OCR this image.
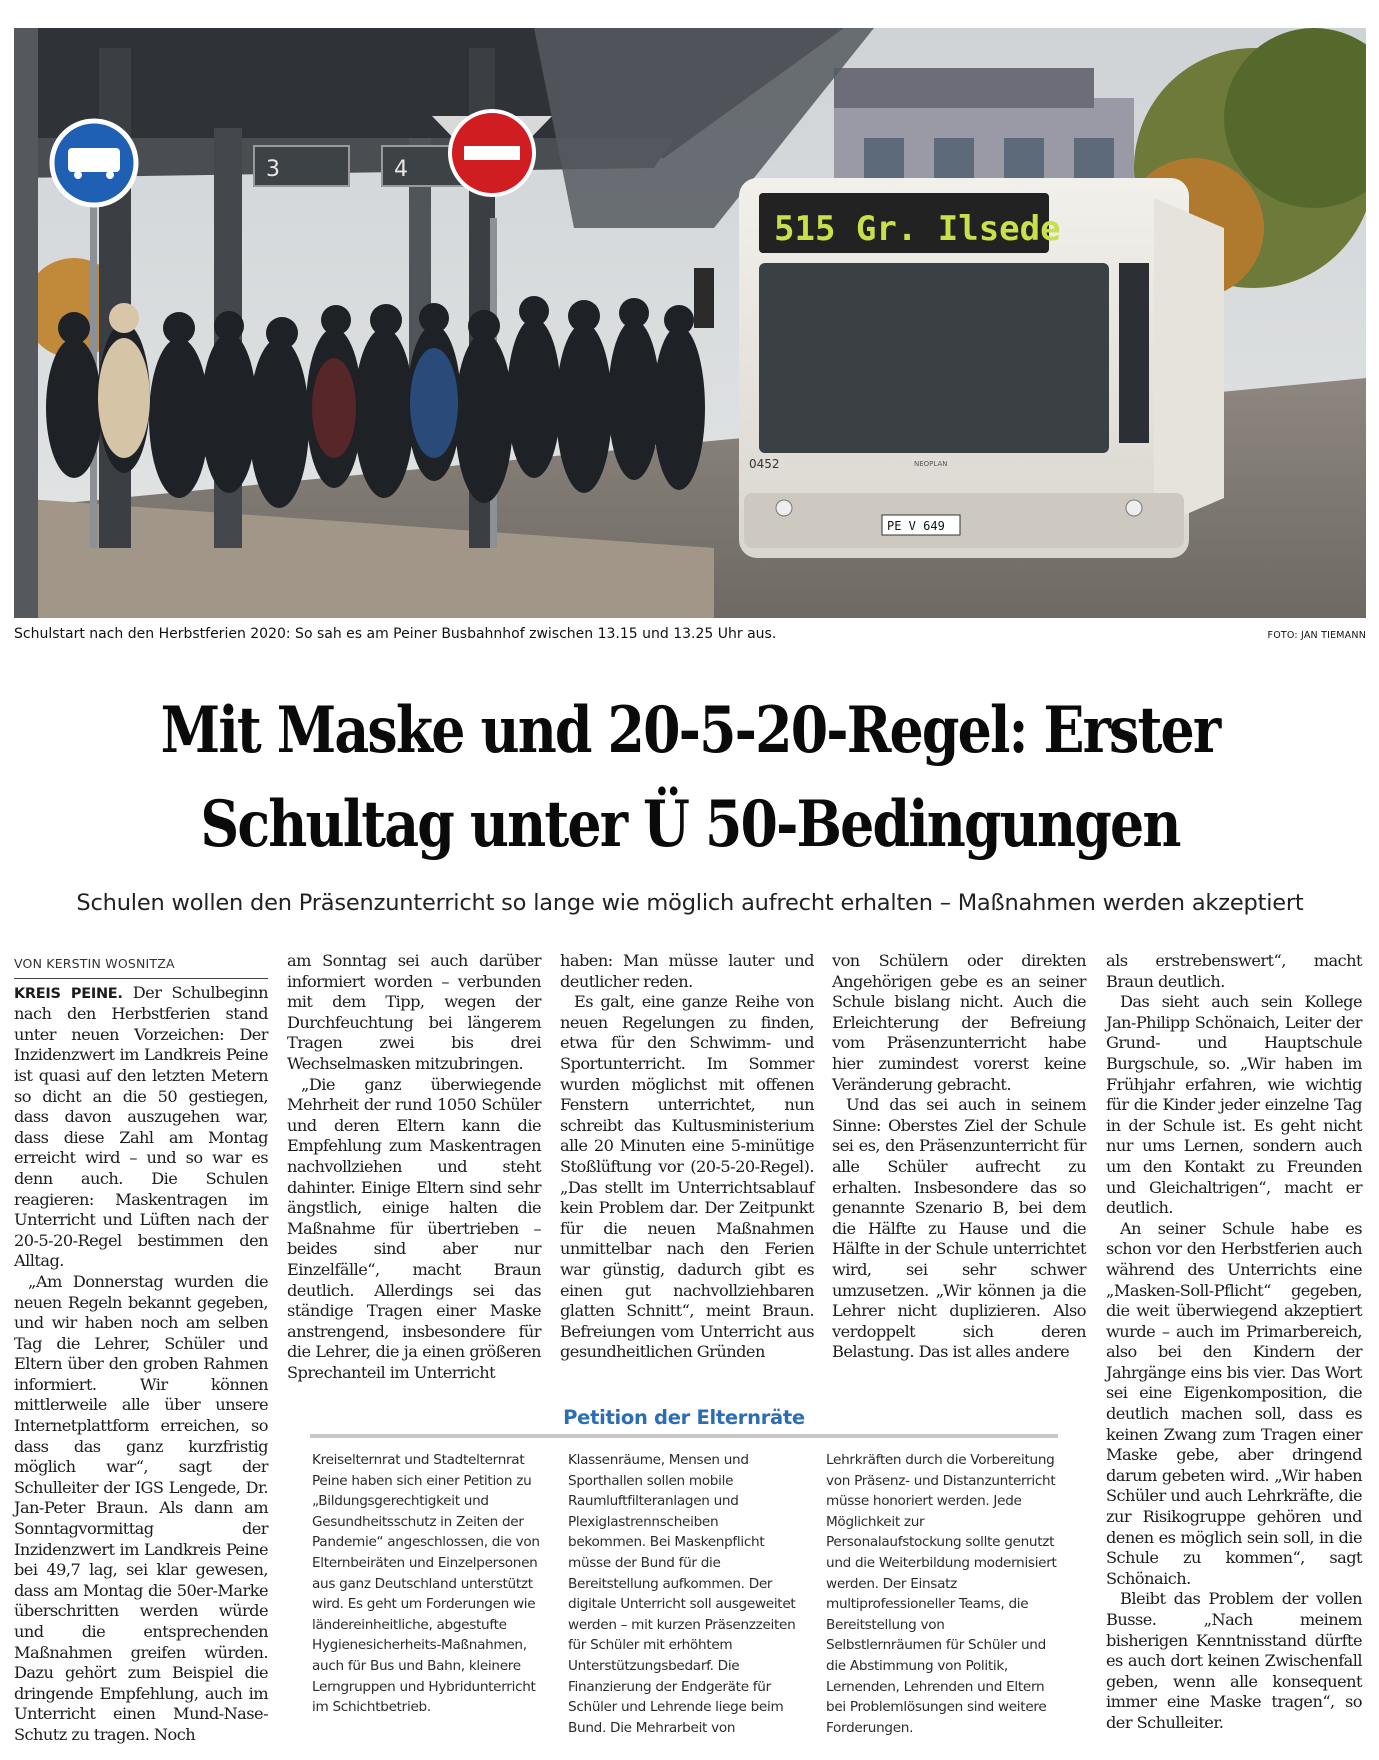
3	4
515 Gr. Ilsede
NEOPLAN
0452
PE V 649
Schulstart nach den Herbstferien 2020: So sah es am Peiner Busbahnhof zwischen 13.15 und 13.25 Uhr aus.	FOTO: JAN TIEMANN
Mit Maske und 20-5-20-Regel: Erster
Schultag unter Ü 50-Bedingungen
Schulen wollen den Präsenzunterricht so lange wie möglich aufrecht erhalten – Maßnahmen werden akzeptiert
VON KERSTIN WOSNITZA

KREIS PEINE. Der Schulbeginn nach den Herbstferien stand unter neuen Vorzeichen: Der Inzidenzwert im Landkreis Peine ist quasi auf den letzten Metern so dicht an die 50 gestiegen, dass davon auszugehen war, dass diese Zahl am Montag erreicht wird – und so war es denn auch. Die Schulen reagieren: Maskentragen im Unterricht und Lüften nach der 20-5-20-Regel bestimmen den Alltag.

„Am Donnerstag wurden die neuen Regeln bekannt gegeben, und wir haben noch am selben Tag die Lehrer, Schüler und Eltern über den groben Rahmen informiert. Wir können mittlerweile alle über unsere Internetplattform erreichen, so dass das ganz kurzfristig möglich war“, sagt der Schulleiter der IGS Lengede, Dr. Jan-Peter Braun. Als dann am Sonntagvormittag der Inzidenzwert im Landkreis Peine bei 49,7 lag, sei klar gewesen, dass am Montag die 50er-Marke überschritten werden würde und die entsprechenden Maßnahmen greifen würden. Dazu gehört zum Beispiel die dringende Empfehlung, auch im Unterricht einen Mund-Nase-Schutz zu tragen. Noch

am Sonntag sei auch darüber informiert worden – verbunden mit dem Tipp, wegen der Durchfeuchtung bei längerem Tragen zwei bis drei Wechselmasken mitzubringen.

„Die ganz überwiegende Mehrheit der rund 1050 Schüler und deren Eltern kann die Empfehlung zum Maskentragen nachvollziehen und steht dahinter. Einige Eltern sind sehr ängstlich, einige halten die Maßnahme für übertrieben – beides sind aber nur Einzelfälle“, macht Braun deutlich. Allerdings sei das ständige Tragen einer Maske anstrengend, insbesondere für die Lehrer, die ja einen größeren Sprechanteil im Unterricht

haben: Man müsse lauter und deutlicher reden.

Es galt, eine ganze Reihe von neuen Regelungen zu finden, etwa für den Schwimm- und Sportunterricht. Im Sommer wurden möglichst mit offenen Fenstern unterrichtet, nun schreibt das Kultusministerium alle 20 Minuten eine 5-minütige Stoßlüftung vor (20-5-20-Regel). „Das stellt im Unterrichtsablauf kein Problem dar. Der Zeitpunkt für die neuen Maßnahmen unmittelbar nach den Ferien war günstig, dadurch gibt es einen gut nachvollziehbaren glatten Schnitt“, meint Braun. Befreiungen vom Unterricht aus gesundheitlichen Gründen

von Schülern oder direkten Angehörigen gebe es an seiner Schule bislang nicht. Auch die Erleichterung der Befreiung vom Präsenzunterricht habe hier zumindest vorerst keine Veränderung gebracht.

Und das sei auch in seinem Sinne: Oberstes Ziel der Schule sei es, den Präsenzunterricht für alle Schüler aufrecht zu erhalten. Insbesondere das so genannte Szenario B, bei dem die Hälfte zu Hause und die Hälfte in der Schule unterrichtet wird, sei sehr schwer umzusetzen. „Wir können ja die Lehrer nicht duplizieren. Also verdoppelt sich deren Belastung. Das ist alles andere

als erstrebenswert“, macht Braun deutlich.

Das sieht auch sein Kollege Jan-Philipp Schönaich, Leiter der Grund- und Hauptschule Burgschule, so. „Wir haben im Frühjahr erfahren, wie wichtig für die Kinder jeder einzelne Tag in der Schule ist. Es geht nicht nur ums Lernen, sondern auch um den Kontakt zu Freunden und Gleichaltrigen“, macht er deutlich.

An seiner Schule habe es schon vor den Herbstferien auch während des Unterrichts eine „Masken-Soll-Pflicht“ gegeben, die weit überwiegend akzeptiert wurde – auch im Primarbereich, also bei den Kindern der Jahrgänge eins bis vier. Das Wort sei eine Eigenkomposition, die deutlich machen soll, dass es keinen Zwang zum Tragen einer Maske gebe, aber dringend darum gebeten wird. „Wir haben Schüler und auch Lehrkräfte, die zur Risikogruppe gehören und denen es möglich sein soll, in die Schule zu kommen“, sagt Schönaich.

Bleibt das Problem der vollen Busse. „Nach meinem bisherigen Kenntnisstand dürfte es auch dort keinen Zwischenfall geben, wenn alle konsequent immer eine Maske tragen“, so der Schulleiter.

Petition der Elternräte

Kreiselternrat und Stadtelternrat Peine haben sich einer Petition zu „Bildungsgerechtigkeit und Gesundheitsschutz in Zeiten der Pandemie“ angeschlossen, die von Elternbeiräten und Einzelpersonen aus ganz Deutschland unterstützt wird. Es geht um Forderungen wie ländereinheitliche, abgestufte Hygienesicherheits-Maßnahmen, auch für Bus und Bahn, kleinere Lerngruppen und Hybridunterricht im Schichtbetrieb.

Klassenräume, Mensen und Sporthallen sollen mobile Raumluftfilteranlagen und Plexiglastrennscheiben bekommen. Bei Maskenpflicht müsse der Bund für die Bereitstellung aufkommen. Der digitale Unterricht soll ausgeweitet werden – mit kurzen Präsenzzeiten für Schüler mit erhöhtem Unterstützungsbedarf. Die Finanzierung der Endgeräte für Schüler und Lehrende liege beim Bund. Die Mehrarbeit von

Lehrkräften durch die Vorbereitung von Präsenz- und Distanzunterricht müsse honoriert werden. Jede Möglichkeit zur Personalaufstockung sollte genutzt und die Weiterbildung modernisiert werden. Der Einsatz multiprofessioneller Teams, die Bereitstellung von Selbstlernräumen für Schüler und die Abstimmung von Politik, Lernenden, Lehrenden und Eltern bei Problemlösungen sind weitere Forderungen.
